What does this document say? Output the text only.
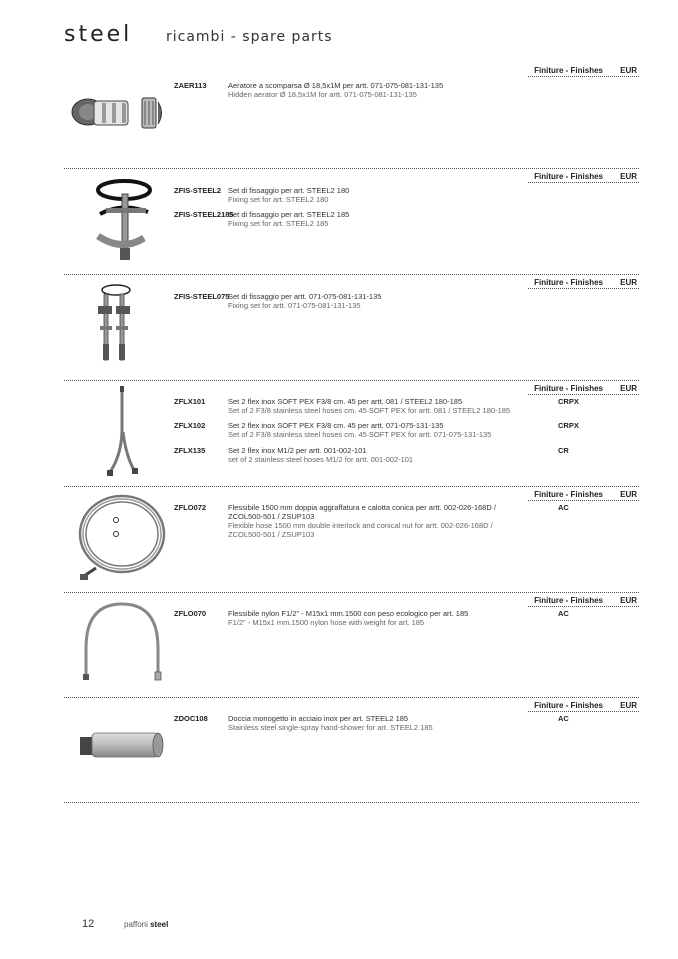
steel ricambi - spare parts
Finiture - Finishes EUR
ZAER113	Aeratore a scomparsa Ø 18,5x1M per artt. 071-075-081-131-135
Hidden aerator Ø 18,5x1M for artt. 071-075-081-131-135
Finiture - Finishes EUR
ZFIS-STEEL2 Set di fissaggio per art. STEEL2 180
Fixing set for art. STEEL2 180
ZFIS-STEEL2185
Set di fissaggio per art. STEEL2 185
Fixing set for art. STEEL2 185
Finiture - Finishes EUR
ZFIS-STEEL075
Set di fissaggio per artt. 071-075-081-131-135
Fixing set for artt. 071-075-081-131-135
Finiture - Finishes EUR
ZFLX101	Set 2 flex inox SOFT PEX F3/8 cm. 45 per artt. 081 / STEEL2 180-185
Set of 2 F3/8 stainless steel hoses cm. 45 SOFT PEX for artt. 081 / STEEL2 180-185
CRPX
ZFLX102	Set 2 flex inox SOFT PEX F3/8 cm. 45 per artt. 071-075-131-135
Set of 2 F3/8 stainless steel hoses cm. 45 SOFT PEX for artt. 071-075-131-135
CRPX
ZFLX135	Set 2 flex inox M1/2 per artt. 001-002-101
set of 2 stainless steel hoses M1/2 for artt. 001-002-101
CR
Finiture - Finishes EUR
ZFLO072	Flessibile 1500 mm doppia aggraffatura e calotta conica per artt. 002-026-168D /
ZCOL500-501 / ZSUP103
Flexible hose 1500 mm double interlock and conical nut for artt. 002-026-168D /
ZCOL500-501 / ZSUP103
AC
Finiture - Finishes EUR
ZFLO070	Flessibile nylon F1/2" - M15x1 mm.1500 con peso ecologico per art. 185
F1/2" - M15x1 mm.1500 nylon hose with weight for art. 185
AC
Finiture - Finishes EUR
ZDOC108	Doccia monogetto in acciaio inox per art. STEEL2 185
Stainless steel single-spray hand-shower for art. STEEL2 185
AC
12	paffoni steel
